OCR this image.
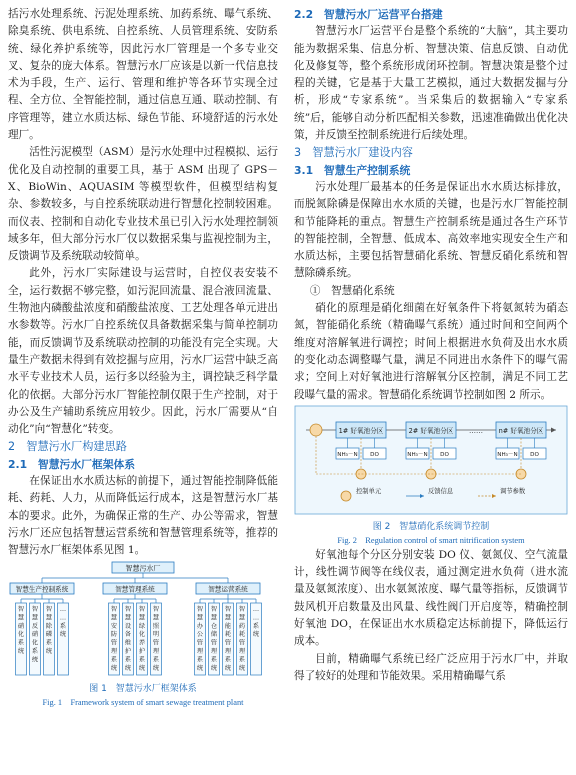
括污水处理系统、污泥处理系统、加药系统、曝气系统、除臭系统、供电系统、自控系统、人员管理系统、安防系统、绿化养护系统等，因此污水厂管理是一个多专业交叉、复杂的庞大体系。智慧污水厂应该是以新一代信息技术为手段，生产、运行、管理和维护等各环节实现全过程、全方位、全智能控制，通过信息互通、联动控制、有序管理等，建立水质达标、绿色节能、环境舒适的污水处理厂。

活性污泥模型（ASM）是污水处理中过程模拟、运行优化及自动控制的重要工具，基于 ASM 出现了 GPS－X、BioWin、AQUASIM 等模型软件，但模型结构复杂、参数较多，与自控系统联动进行智慧化控制较困难。而仪表、控制和自动化专业技术虽已引入污水处理控制领域多年，但大部分污水厂仅以数据采集与监视控制为主，反馈调节及系统联动较简单。

此外，污水厂实际建设与运营时，自控仪表安装不全，运行数据不够完整，如污泥回流量、混合液回流量、生物池内磷酸盐浓度和硝酸盐浓度、工艺处理各单元进出水参数等。污水厂自控系统仅具备数据采集与简单控制功能，而反馈调节及系统联动控制的功能没有完全实现。大量生产数据未得到有效挖掘与应用，污水厂运营中缺乏高水平专业技术人员，运行多以经验为主，调控缺乏科学量化的依据。大部分污水厂智能控制仅限于生产控制，对于办公及生产辅助系统应用较少。因此，污水厂需要从“自动化”向“智慧化”转变。

2　智慧污水厂构建思路

2.1　智慧污水厂框架体系

在保证出水水质达标的前提下，通过智能控制降低能耗、药耗、人力，从而降低运行成本，这是智慧污水厂基本的要求。此外，为确保正常的生产、办公等需求，智慧污水厂还应包括智慧运营系统和智慧管理系统等，推荐的智慧污水厂框架体系见图 1。

智慧污水厂
智慧生产控制系统	智慧管理系统	智慧运营系统
智慧硝化系统
智慧反硝化系统
智慧除磷系统
… …系统
智慧安防管理系统
智慧设备维护系统
智慧绿化养护系统
智慧照明管理系统
智慧办公管理系统
智慧仓储管理系统
智慧能耗管理系统
智慧药耗管理系统
… …系统

图 1　智慧污水厂框架体系

Fig. 1　Framework system of smart sewage treatment plant

2.2　智慧污水厂运营平台搭建

智慧污水厂运营平台是整个系统的“大脑”，其主要功能为数据采集、信息分析、智慧决策、信息反馈、自动优化及修复等，整个系统形成闭环控制。智慧决策是整个过程的关键，它是基于大量工艺模拟，通过大数据发掘与分析，形成“专家系统”。当采集后的数据输入“专家系统”后，能够自动分析匹配相关参数，迅速准确做出优化决策，并反馈至控制系统进行后续处理。

3　智慧污水厂建设内容

3.1　智慧生产控制系统

污水处理厂最基本的任务是保证出水水质达标排放，而脱氮除磷是保障出水水质的关键，也是污水厂智能控制和节能降耗的重点。智慧生产控制系统是通过各生产环节的智能控制，全智慧、低成本、高效率地实现安全生产和水质达标，主要包括智慧硝化系统、智慧反硝化系统和智慧除磷系统。

①　智慧硝化系统

硝化的原理是硝化细菌在好氧条件下将氨氮转为硝态氮，智能硝化系统（精确曝气系统）通过时间和空间两个维度对溶解氧进行调控；时间上根据进水负荷及出水水质的变化动态调整曝气量，满足不同进出水条件下的曝气需求；空间上对好氧池进行溶解氧分区控制，满足不同工艺段曝气量的需求。智慧硝化系统调节控制如图 2 所示。

1# 好氧池分区	2# 好氧池分区 …… n# 好氧池分区
NH₃－N DO	NH₃－N DO	NH₃－N DO
控制单元	反馈信息	调节参数

图 2　智慧硝化系统调节控制

Fig. 2　Regulation control of smart nitrification system

好氧池每个分区分别安装 DO 仪、氨氮仪、空气流量计，线性调节阀等在线仪表，通过测定进水负荷（进水流量及氨氮浓度）、出水氨氮浓度、曝气量等指标，反馈调节鼓风机开启数量及出风量、线性阀门开启度等，精确控制好氧池 DO，在保证出水水质稳定达标前提下，降低运行成本。

目前，精确曝气系统已经广泛应用于污水厂中，并取得了较好的处理和节能效果。采用精确曝气系
